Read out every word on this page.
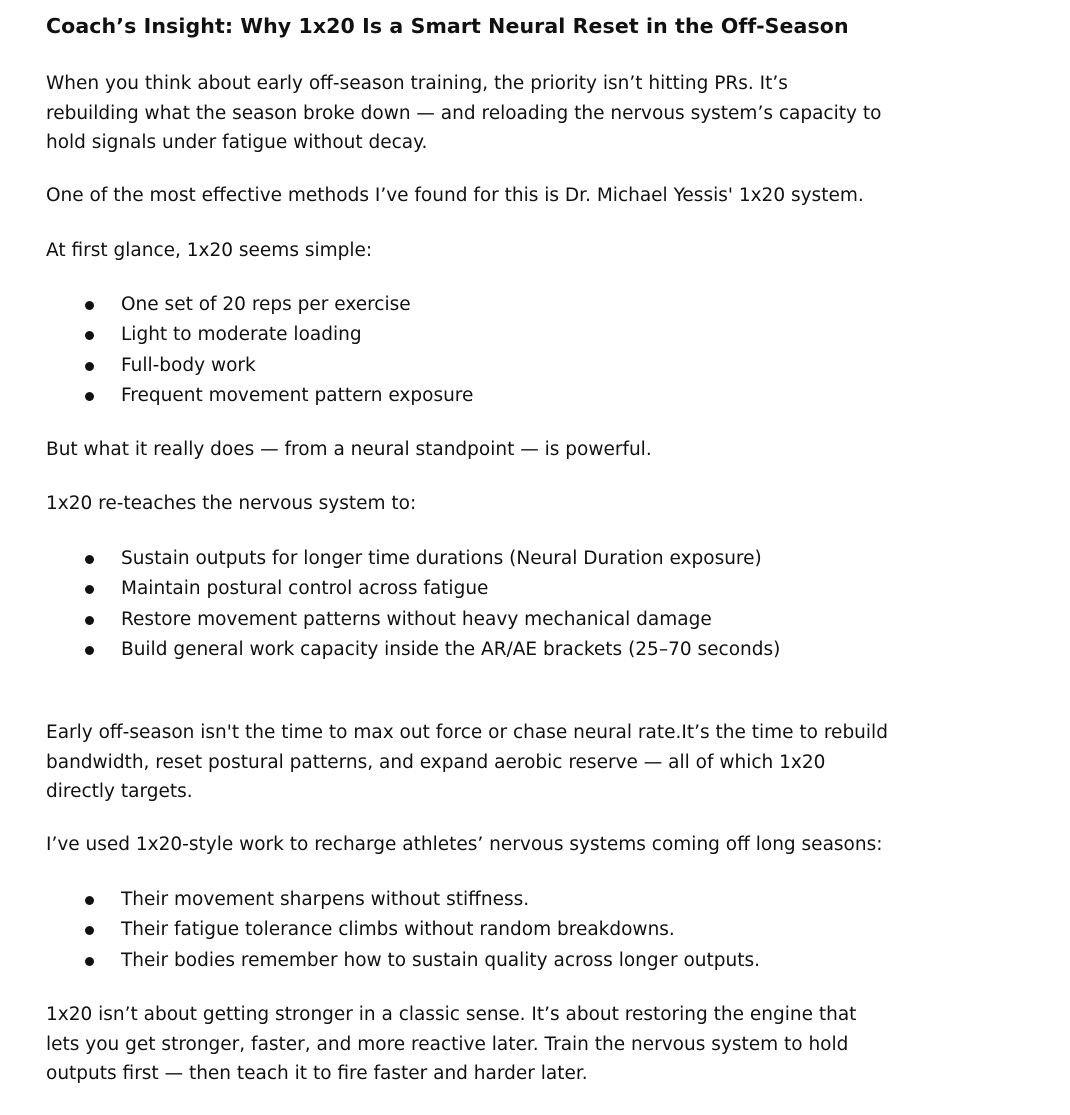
Coach’s Insight: Why 1x20 Is a Smart Neural Reset in the Off-Season
When you think about early off-season training, the priority isn’t hitting PRs. It’s
rebuilding what the season broke down — and reloading the nervous system’s capacity to
hold signals under fatigue without decay.
One of the most effective methods I’ve found for this is Dr. Michael Yessis' 1x20 system.
At first glance, 1x20 seems simple:
One set of 20 reps per exercise
Light to moderate loading
Full-body work
Frequent movement pattern exposure
But what it really does — from a neural standpoint — is powerful.
1x20 re-teaches the nervous system to:
Sustain outputs for longer time durations (Neural Duration exposure)
Maintain postural control across fatigue
Restore movement patterns without heavy mechanical damage
Build general work capacity inside the AR/AE brackets (25–70 seconds)
Early off-season isn't the time to max out force or chase neural rate.It’s the time to rebuild
bandwidth, reset postural patterns, and expand aerobic reserve — all of which 1x20
directly targets.
I’ve used 1x20-style work to recharge athletes’ nervous systems coming off long seasons:
Their movement sharpens without stiffness.
Their fatigue tolerance climbs without random breakdowns.
Their bodies remember how to sustain quality across longer outputs.
1x20 isn’t about getting stronger in a classic sense. It’s about restoring the engine that
lets you get stronger, faster, and more reactive later. Train the nervous system to hold
outputs first — then teach it to fire faster and harder later.
